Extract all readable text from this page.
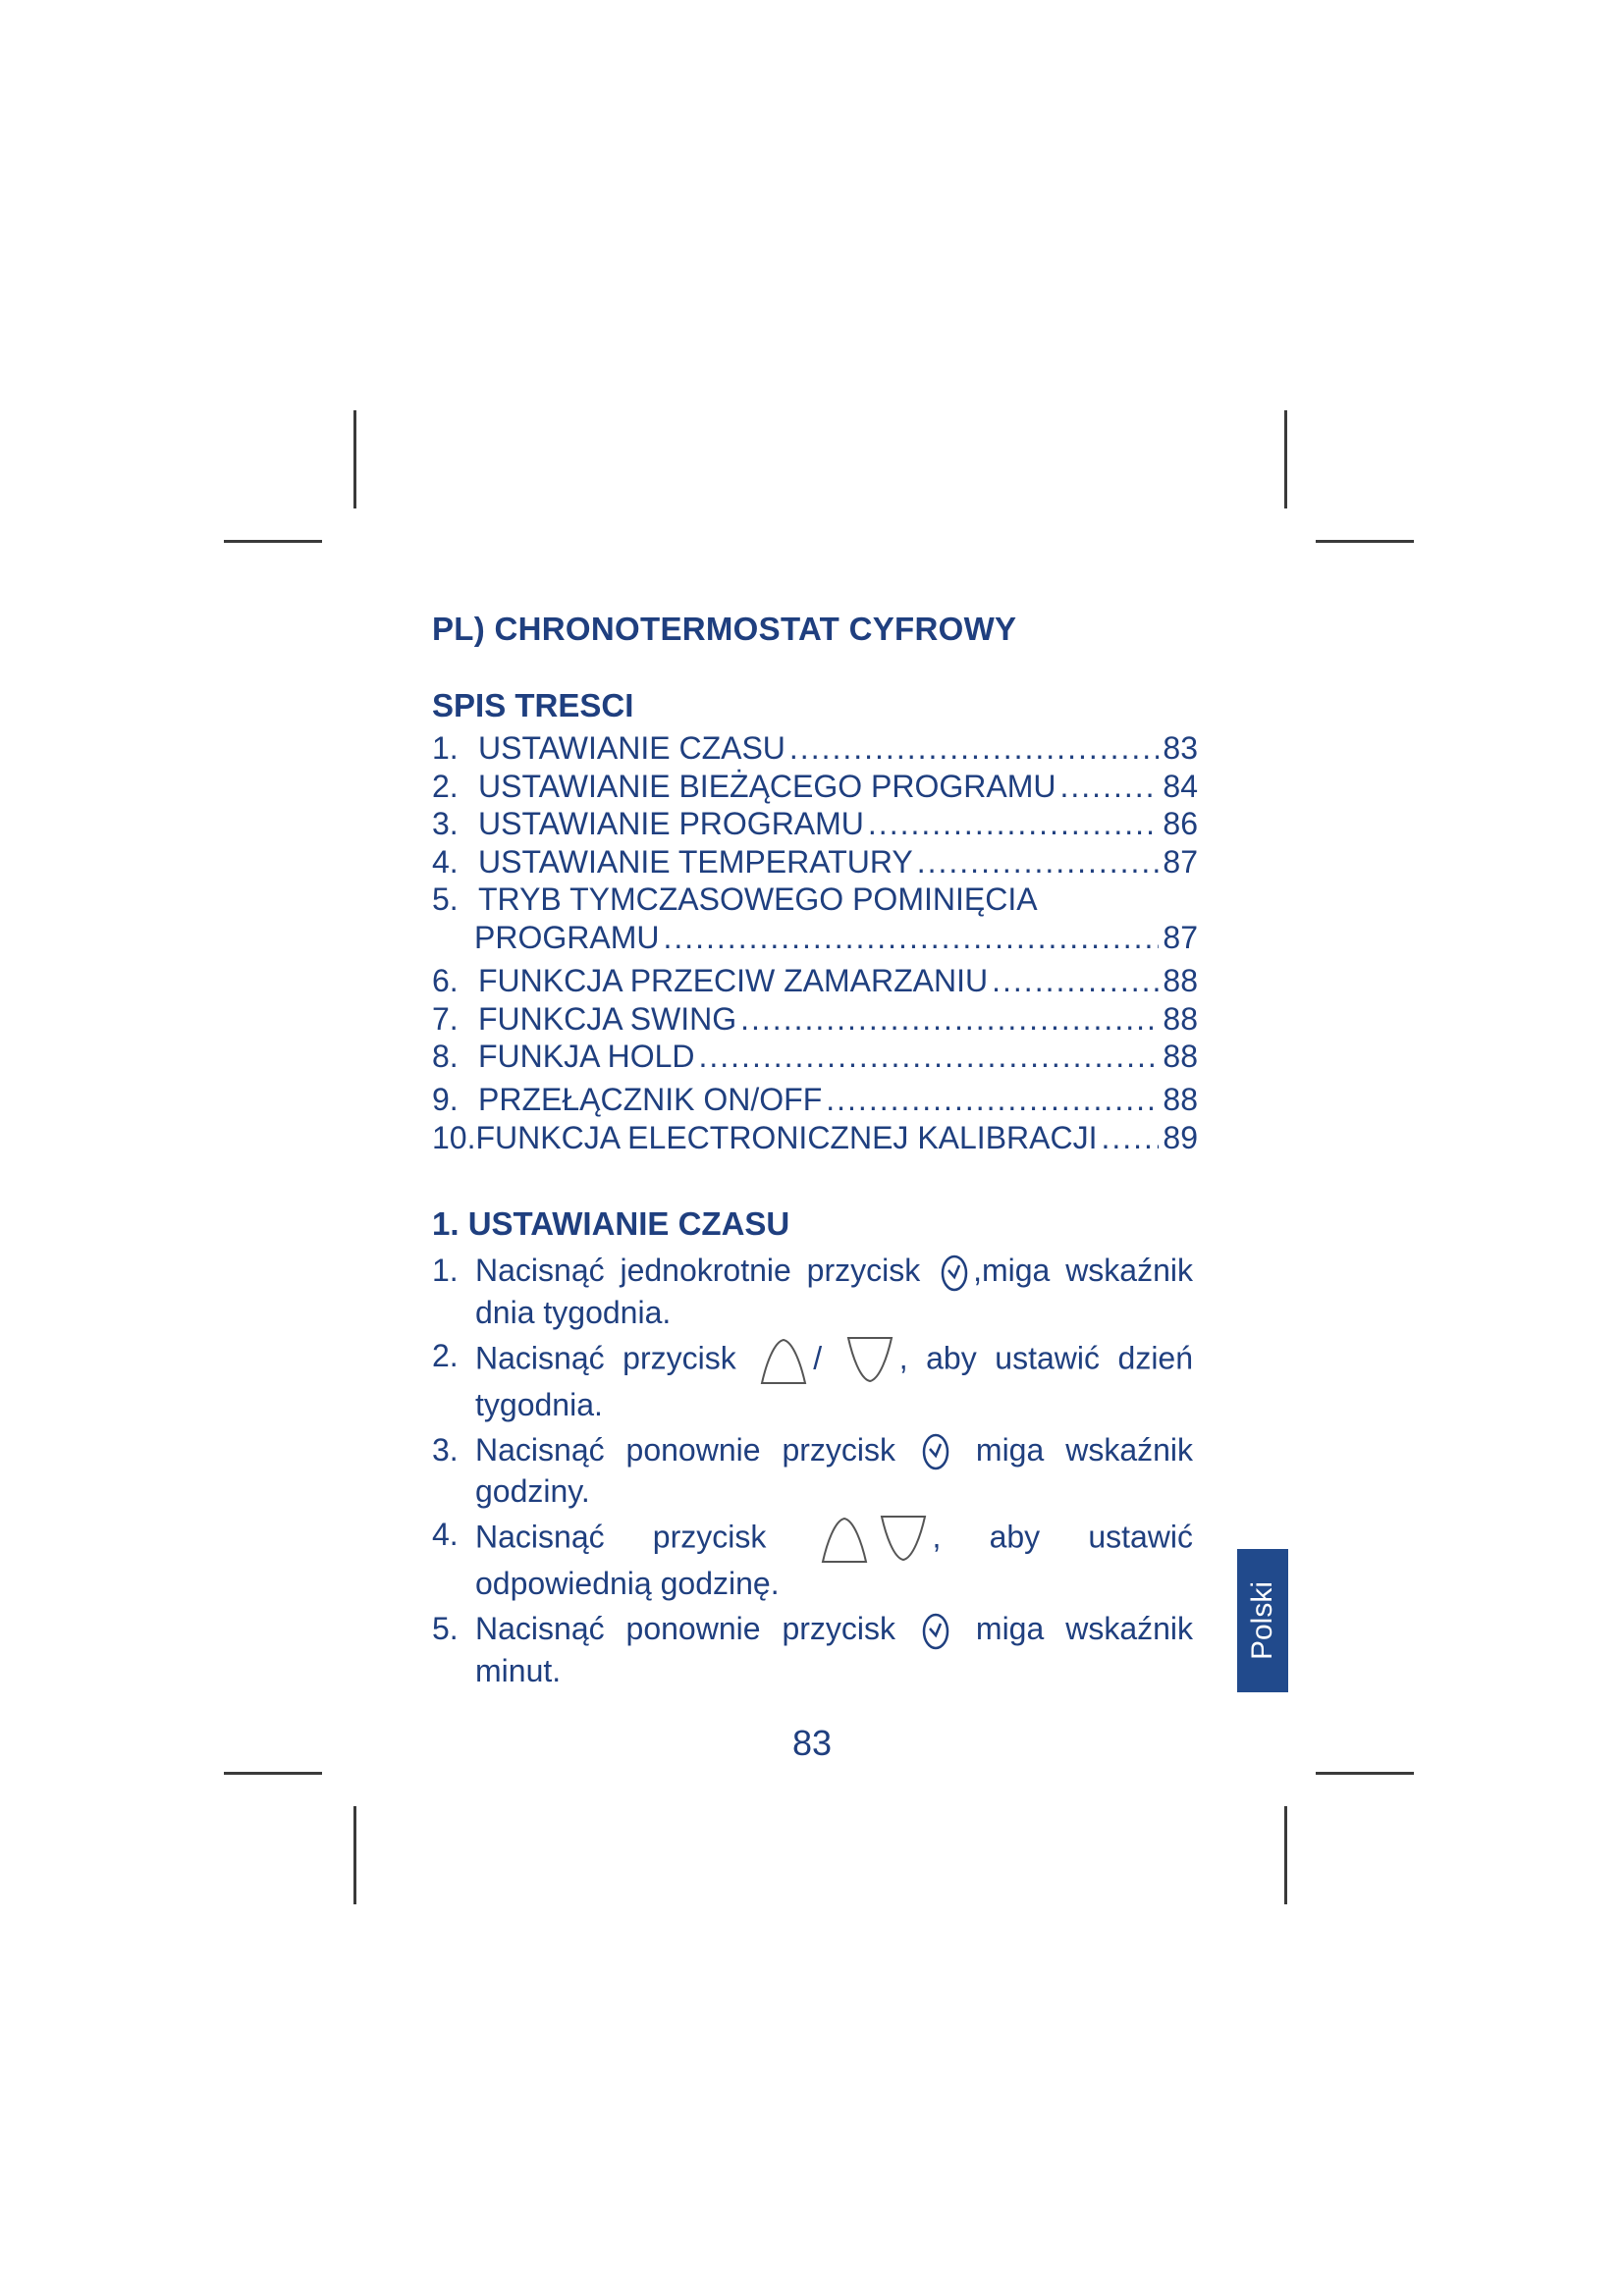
PL) CHRONOTERMOSTAT CYFROWY
SPIS TRESCI
1. USTAWIANIE CZASU .....	83
2. USTAWIANIE BIEŻĄCEGO PROGRAMU .....	84
3. USTAWIANIE PROGRAMU .....	86
4. USTAWIANIE TEMPERATURY .....	87
5. TRYB TYMCZASOWEGO POMINIĘCIA
PROGRAMU .....	87
6. FUNKCJA PRZECIW ZAMARZANIU .....	88
7. FUNKCJA SWING .....	88
8. FUNKJA HOLD .....	88
9. PRZEŁĄCZNIK ON/OFF .....	88
10. FUNKCJA ELECTRONICZNEJ KALIBRACJI ..... 89
1. USTAWIANIE CZASU
1. Nacisnąć jednokrotnie przycisk ,miga wskaźnik dnia tygodnia.
2. Nacisnąć przycisk / , aby ustawić dzień tygodnia.
3. Nacisnąć ponownie przycisk  miga wskaźnik godziny.
4. Nacisnąć przycisk	, aby ustawić odpowiednią godzinę.
5. Nacisnąć ponownie przycisk  miga wskaźnik minut.
Polski
83
